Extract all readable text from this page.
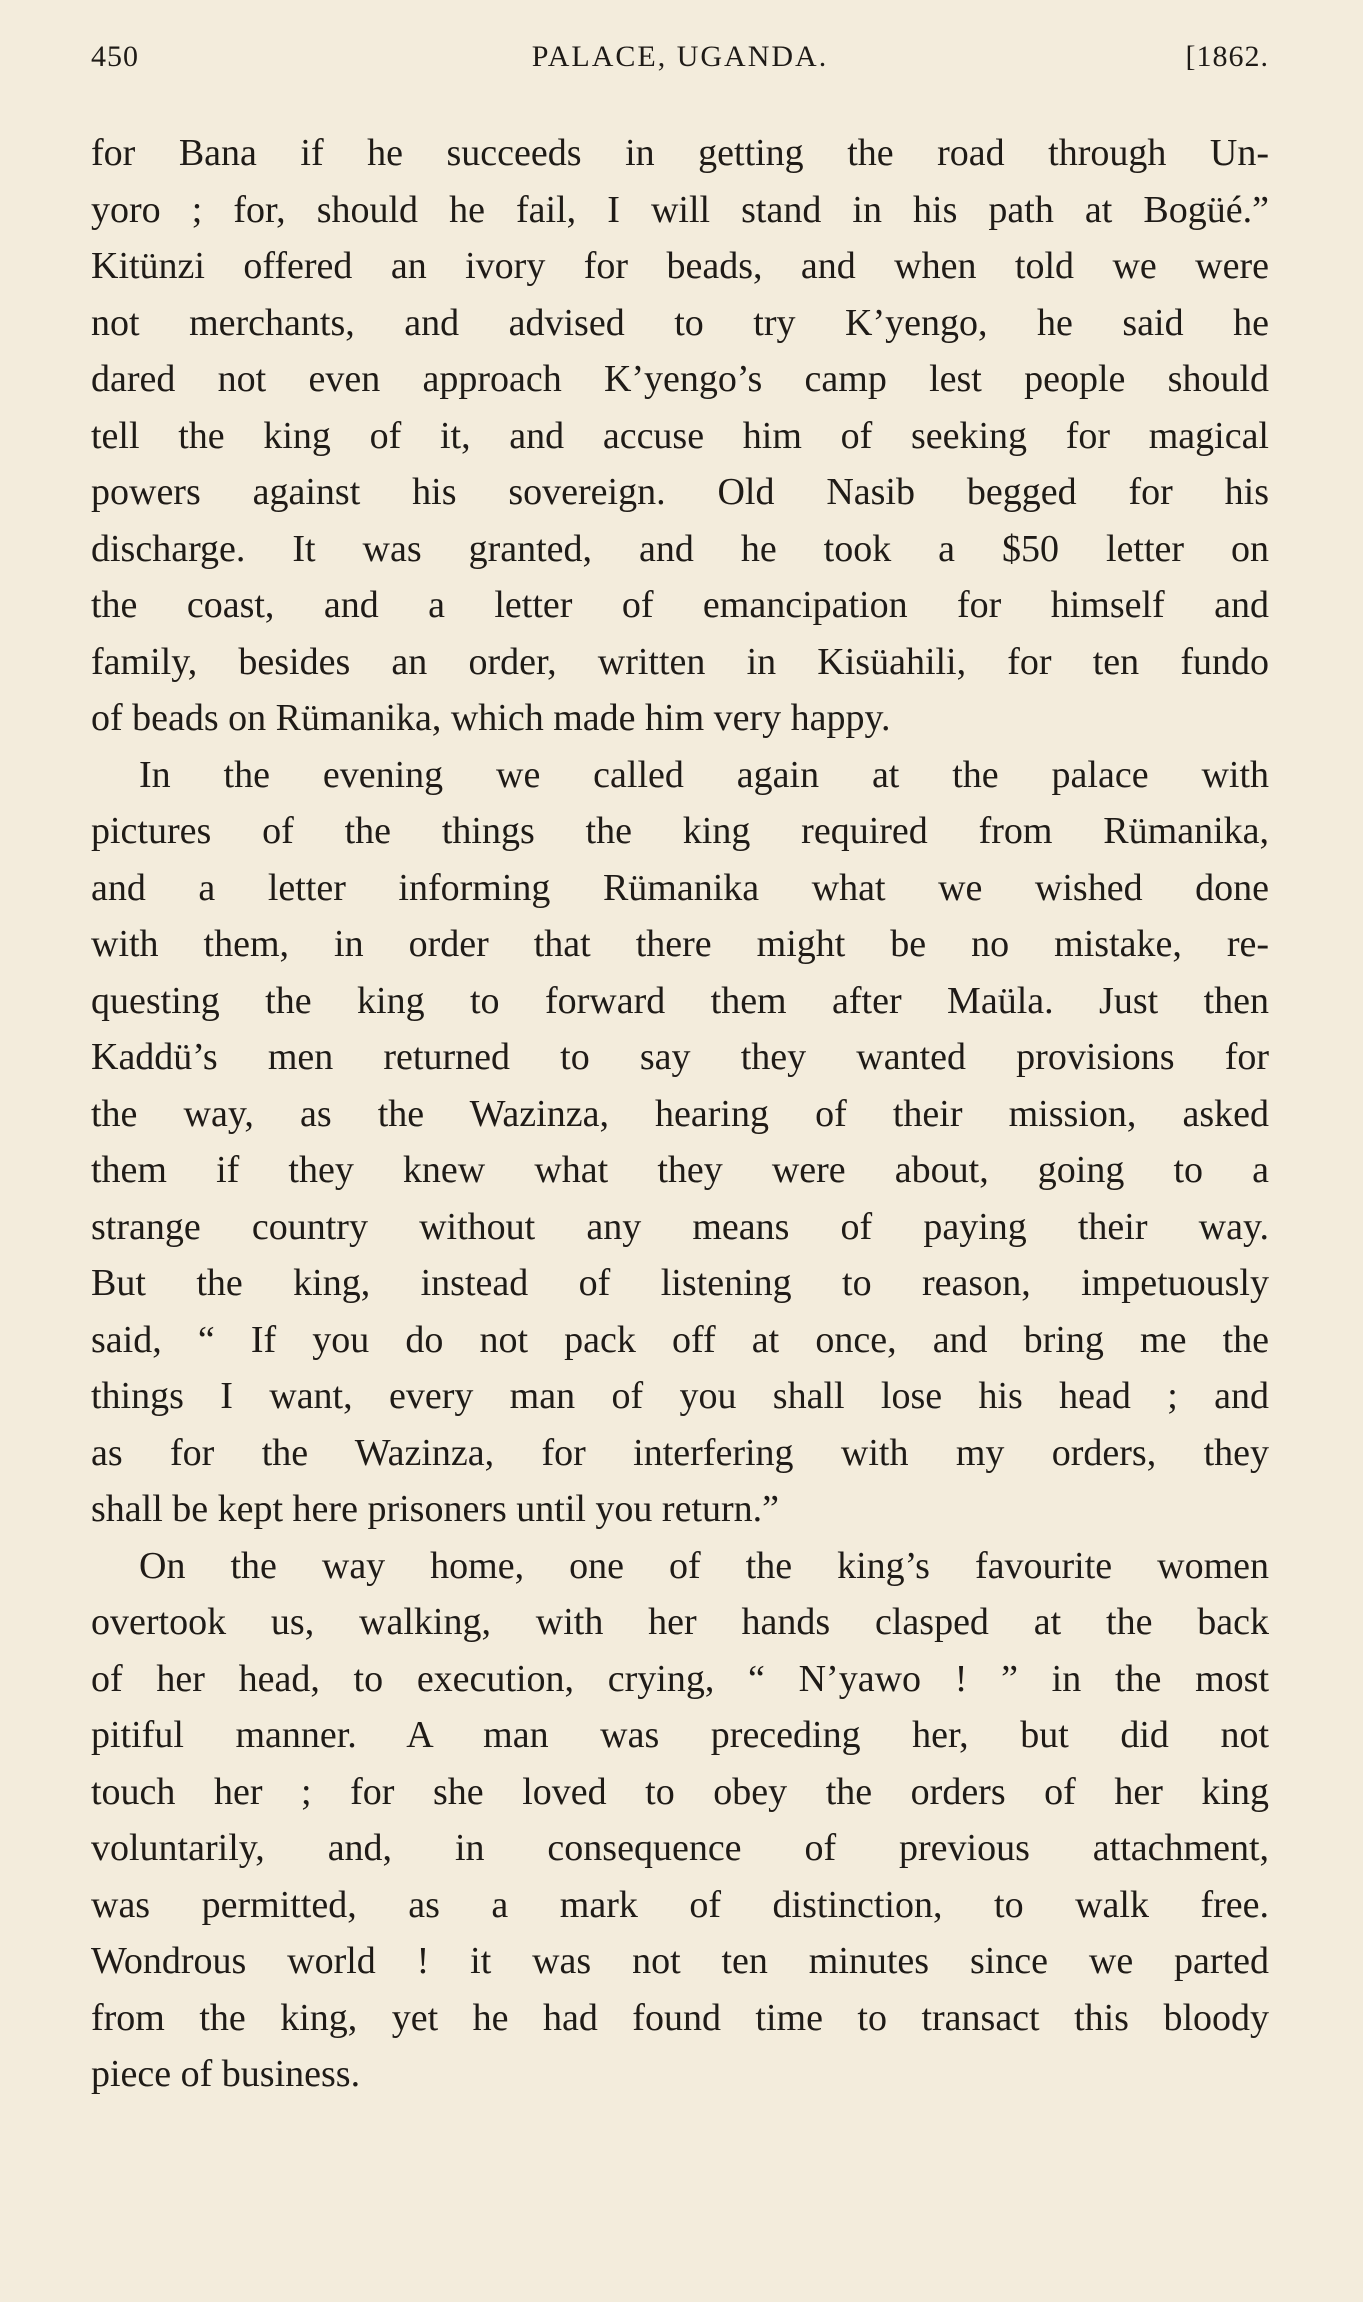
450	PALACE, UGANDA.	[1862.

for Bana if he succeeds in getting the road through Un-

yoro ; for, should he fail, I will stand in his path at Bogüé.”

Kitünzi offered an ivory for beads, and when told we were

not merchants, and advised to try K’yengo, he said he

dared not even approach K’yengo’s camp lest people should

tell the king of it, and accuse him of seeking for magical

powers against his sovereign. Old Nasib begged for his

discharge. It was granted, and he took a $50 letter on

the coast, and a letter of emancipation for himself and

family, besides an order, written in Kisüahili, for ten fundo

of beads on Rümanika, which made him very happy.

In the evening we called again at the palace with

pictures of the things the king required from Rümanika,

and a letter informing Rümanika what we wished done

with them, in order that there might be no mistake, re-

questing the king to forward them after Maüla. Just then

Kaddü’s men returned to say they wanted provisions for

the way, as the Wazinza, hearing of their mission, asked

them if they knew what they were about, going to a

strange country without any means of paying their way.

But the king, instead of listening to reason, impetuously

said, “ If you do not pack off at once, and bring me the

things I want, every man of you shall lose his head ; and

as for the Wazinza, for interfering with my orders, they

shall be kept here prisoners until you return.”

On the way home, one of the king’s favourite women

overtook us, walking, with her hands clasped at the back

of her head, to execution, crying, “ N’yawo ! ” in the most

pitiful manner. A man was preceding her, but did not

touch her ; for she loved to obey the orders of her king

voluntarily, and, in consequence of previous attachment,

was permitted, as a mark of distinction, to walk free.

Wondrous world ! it was not ten minutes since we parted

from the king, yet he had found time to transact this bloody

piece of business.
